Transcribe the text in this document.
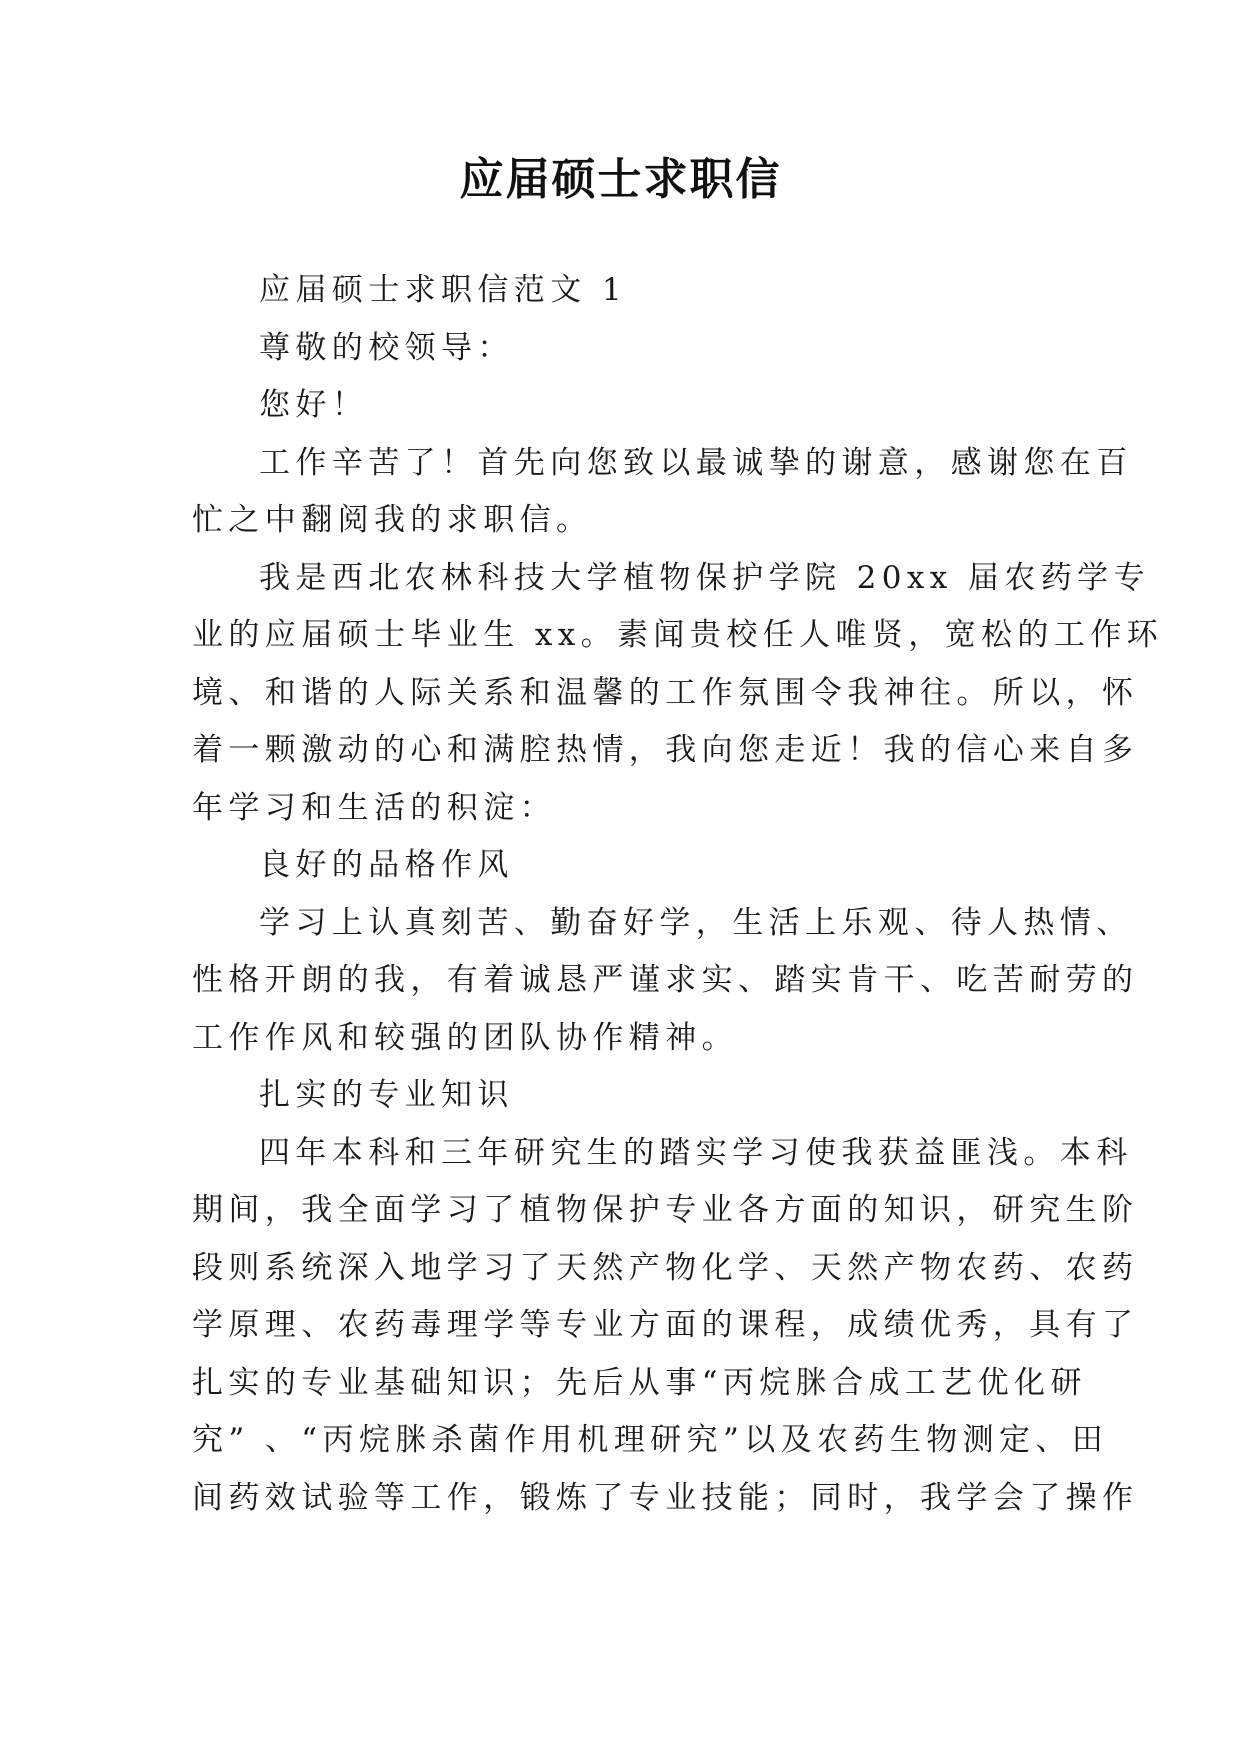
应届硕士求职信
应届硕士求职信范文 1
尊敬的校领导：
您好！
工作辛苦了！首先向您致以最诚挚的谢意，感谢您在百
忙之中翻阅我的求职信。
我是西北农林科技大学植物保护学院 20xx 届农药学专
业的应届硕士毕业生 xx。素闻贵校任人唯贤，宽松的工作环
境、和谐的人际关系和温馨的工作氛围令我神往。所以，怀
着一颗激动的心和满腔热情，我向您走近！我的信心来自多
年学习和生活的积淀：
良好的品格作风
学习上认真刻苦、勤奋好学，生活上乐观、待人热情、
性格开朗的我，有着诚恳严谨求实、踏实肯干、吃苦耐劳的
工作作风和较强的团队协作精神。
扎实的专业知识
四年本科和三年研究生的踏实学习使我获益匪浅。本科
期间，我全面学习了植物保护专业各方面的知识，研究生阶
段则系统深入地学习了天然产物化学、天然产物农药、农药
学原理、农药毒理学等专业方面的课程，成绩优秀，具有了
扎实的专业基础知识；先后从事“丙烷脒合成工艺优化研
究” 、“丙烷脒杀菌作用机理研究”以及农药生物测定、田
间药效试验等工作，锻炼了专业技能；同时，我学会了操作
